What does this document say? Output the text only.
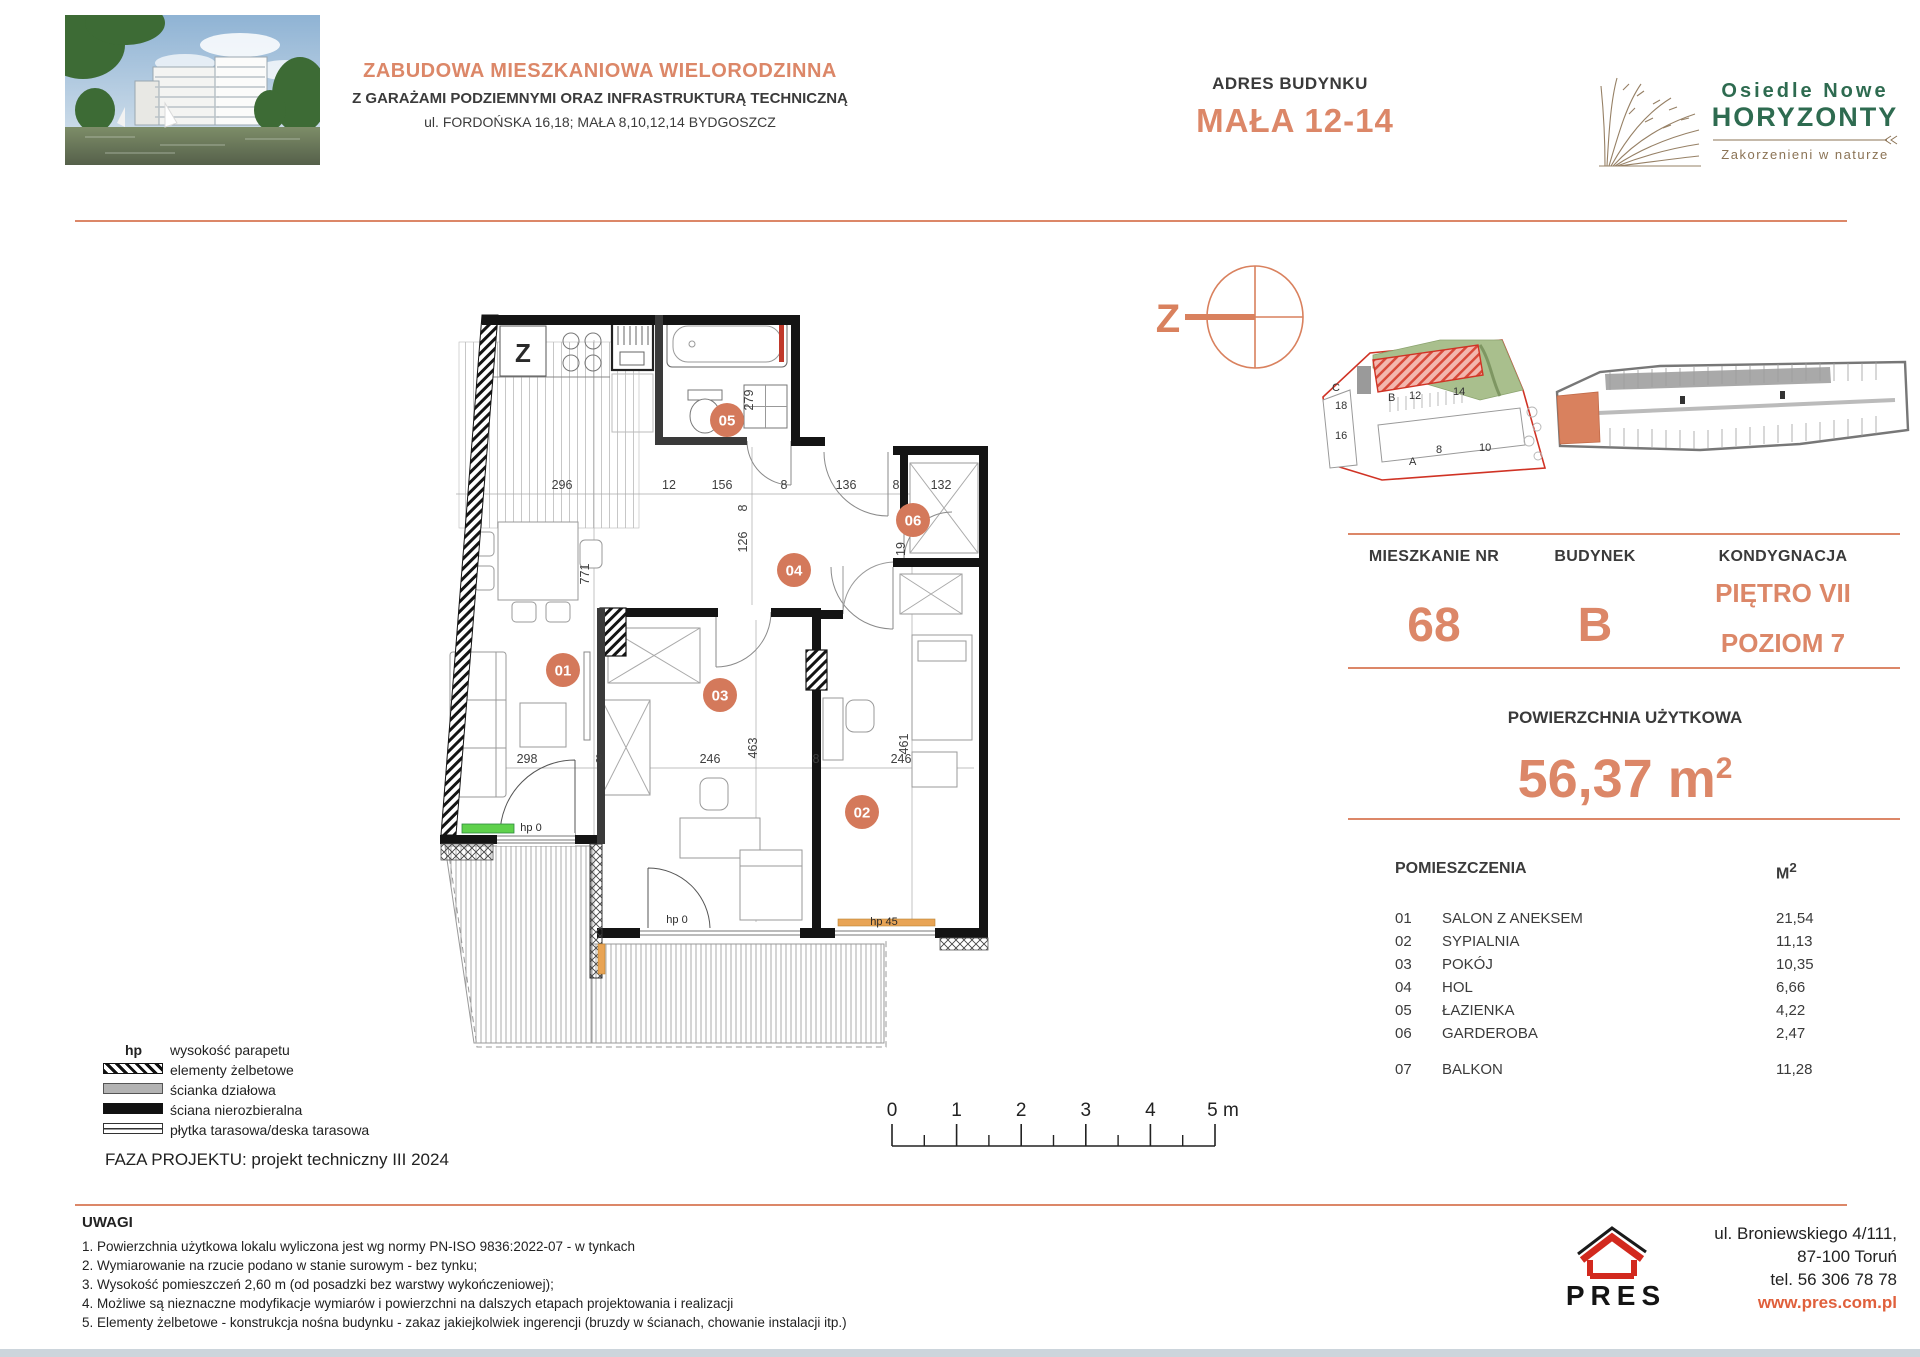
ZABUDOWA MIESZKANIOWA WIELORODZINNA
Z GARAŻAMI PODZIEMNYMI ORAZ INFRASTRUKTURĄ TECHNICZNĄ
ul. FORDOŃSKA 16,18; MAŁA 8,10,12,14 BYDGOSZCZ
ADRES BUDYNKU
MAŁA 12-14
Osiedle Nowe
HORYZONTY
Zakorzenieni w naturze
01
02
03
04
05
06
296	12	156	8	136	8 132
298	8	246	8	246
279
771
8
126
463	461
19
Z
hp 0
hp 0	hp 45
Z
C
18
16
B 12	14
A
8	10
0	1	2	3	4	5 m
MIESZKANIE NR
68
BUDYNEK
B
KONDYGNACJA
PIĘTRO VII
POZIOM 7
POWIERZCHNIA UŻYTKOWA
56,37 $m^2$
POMIESZCZENIA	$M^2$
01	SALON Z ANEKSEM	21,54
02	SYPIALNIA	11,13
03	POKÓJ	10,35
04	HOL	6,66
05	ŁAZIENKA	4,22
06	GARDEROBA	2,47
07	BALKON	11,28
hp wysokość parapetu
elementy żelbetowe
ścianka działowa
ściana nierozbieralna
płytka tarasowa/deska tarasowa
FAZA PROJEKTU: projekt techniczny III 2024
UWAGI
1. Powierzchnia użytkowa lokalu wyliczona jest wg normy PN-ISO 9836:2022-07 - w tynkach
2. Wymiarowanie na rzucie podano w stanie surowym - bez tynku;
3. Wysokość pomieszczeń 2,60 m (od posadzki bez warstwy wykończeniowej);
4. Możliwe są nieznaczne modyfikacje wymiarów i powierzchni na dalszych etapach projektowania i realizacji
5. Elementy żelbetowe - konstrukcja nośna budynku - zakaz jakiejkolwiek ingerencji (bruzdy w ścianach, chowanie instalacji itp.)
PRES
ul. Broniewskiego 4/111,
87-100 Toruń
tel. 56 306 78 78
www.pres.com.pl
